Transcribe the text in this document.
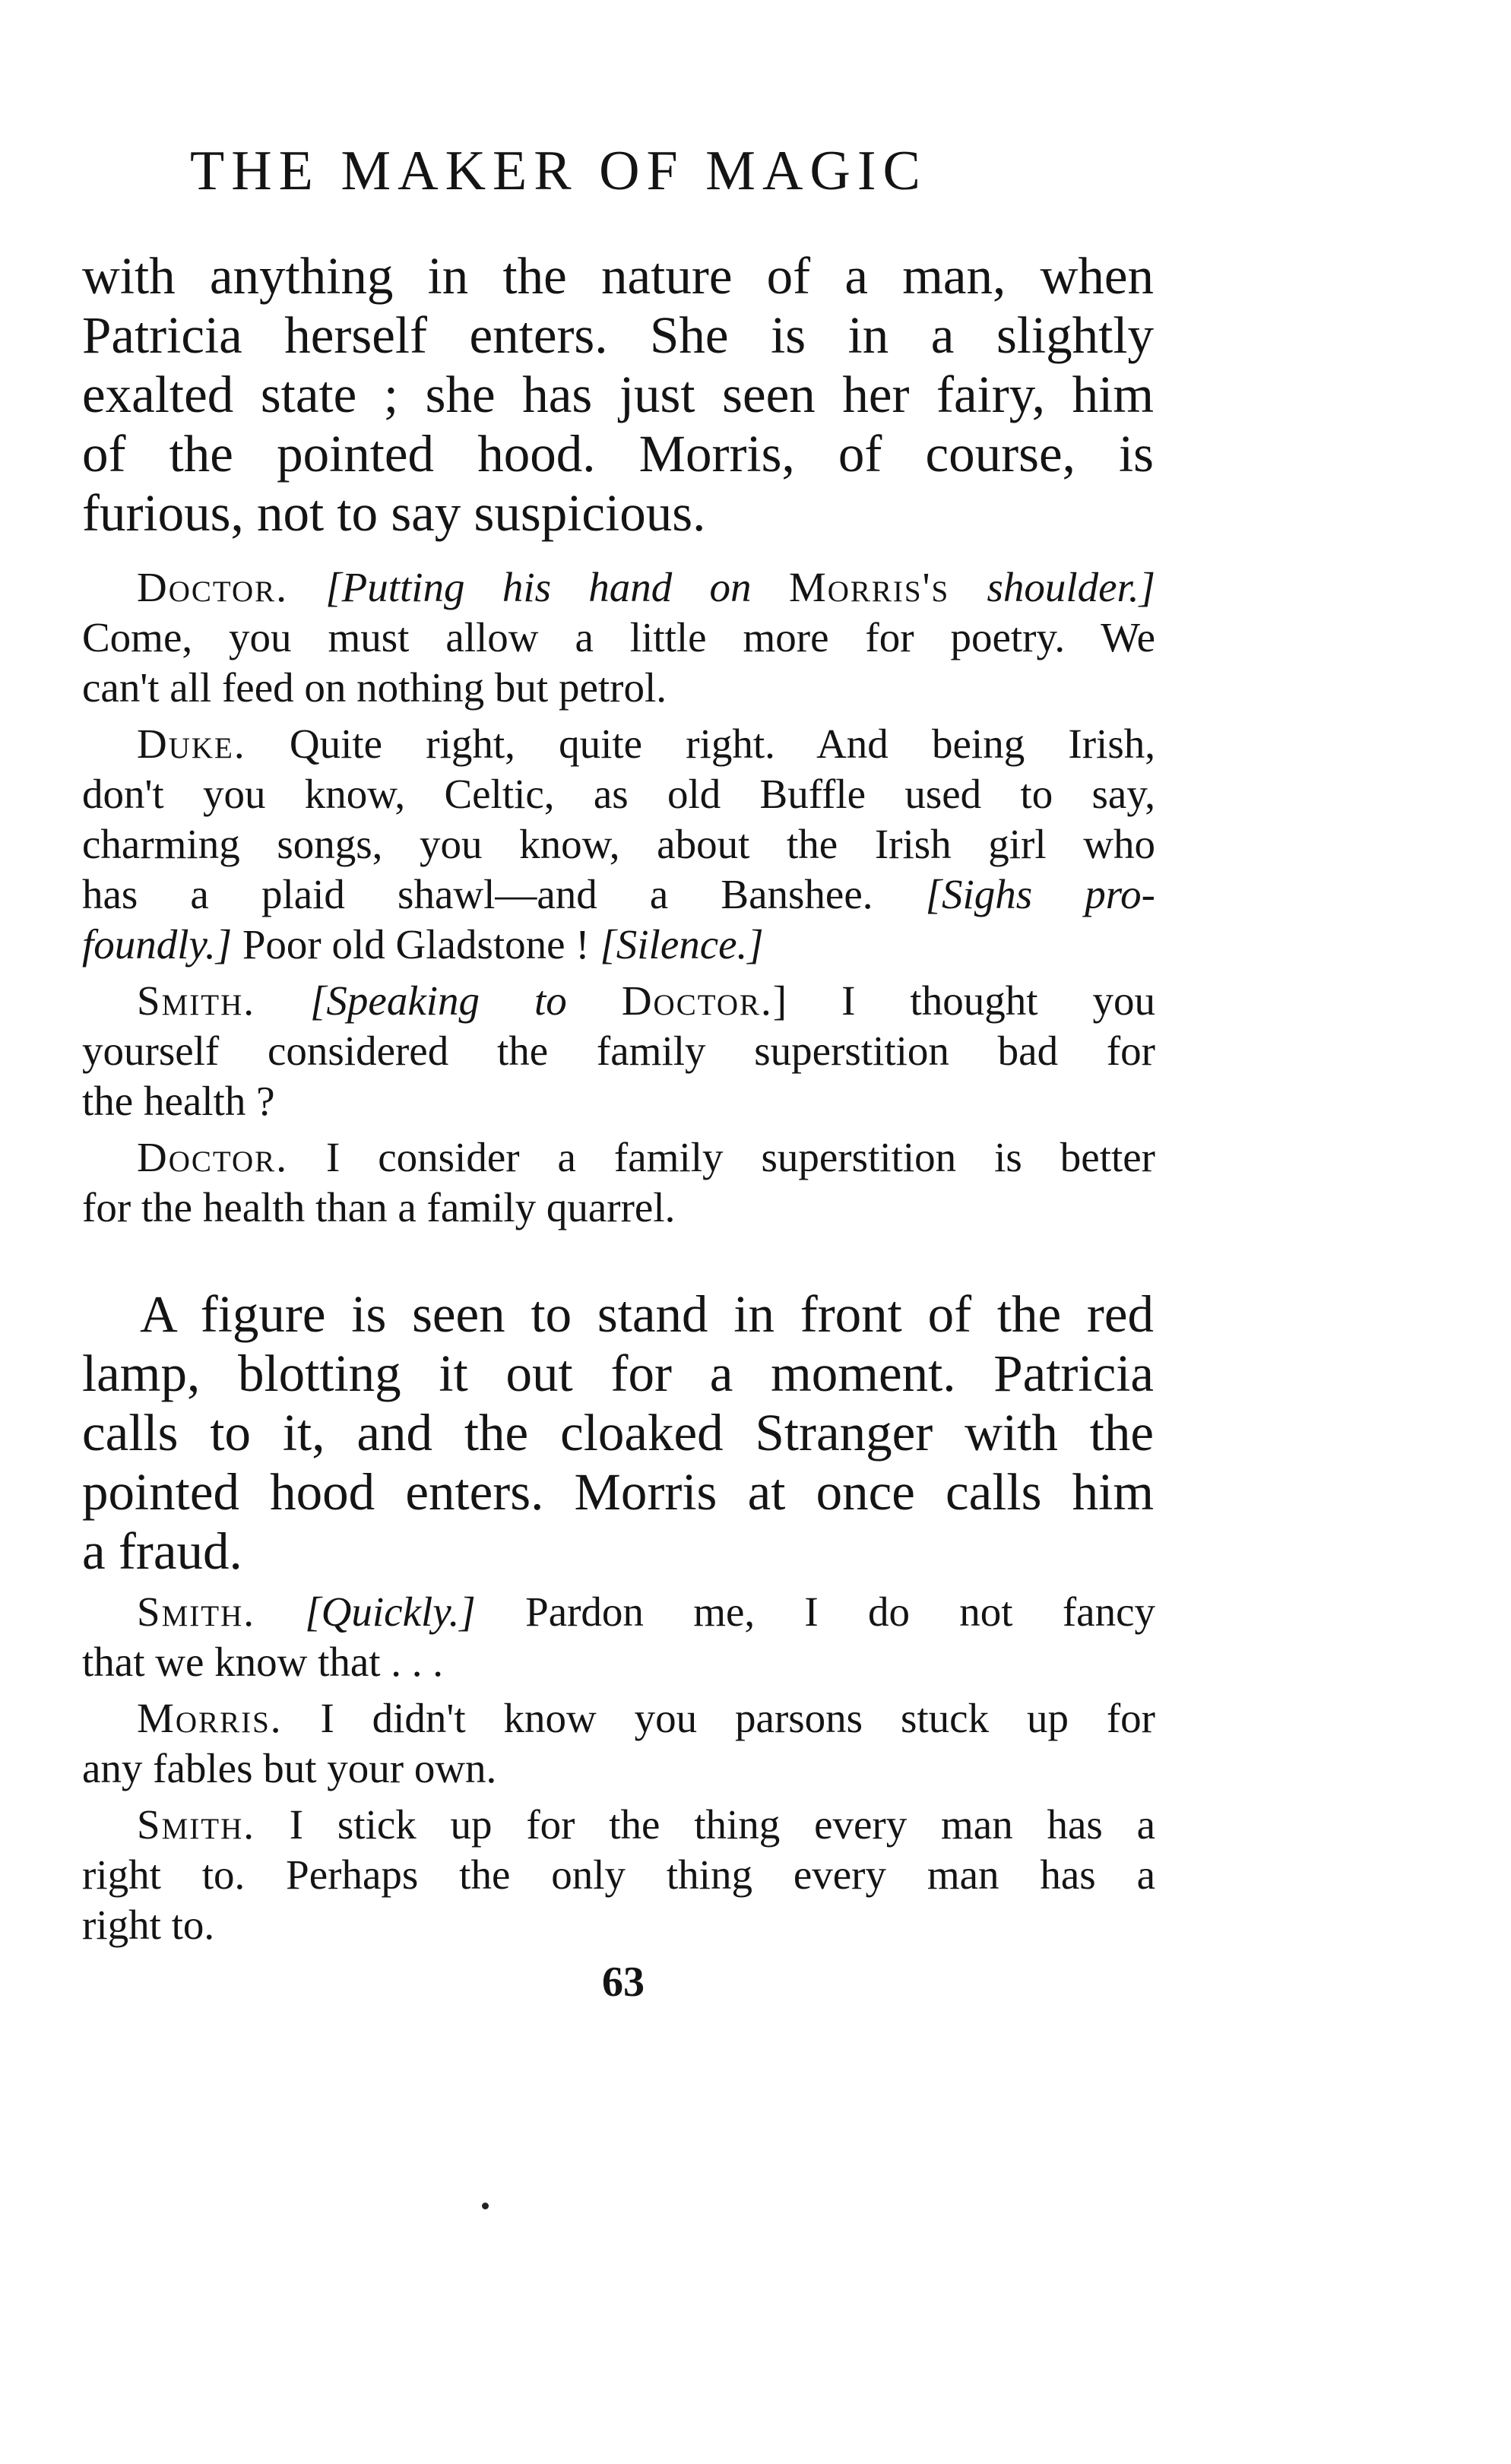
THE MAKER OF MAGIC
with anything in the nature of a man, when
Patricia herself enters. She is in a slightly
exalted state ; she has just seen her fairy, him
of the pointed hood. Morris, of course, is
furious, not to say suspicious.
Doctor. [Putting his hand on Morris's shoulder.]
Come, you must allow a little more for poetry. We
can't all feed on nothing but petrol.
Duke. Quite right, quite right. And being Irish,
don't you know, Celtic, as old Buffle used to say,
charming songs, you know, about the Irish girl who
has a plaid shawl—and a Banshee. [Sighs pro-
foundly.] Poor old Gladstone ! [Silence.]
Smith. [Speaking to Doctor.] I thought you
yourself considered the family superstition bad for
the health ?
Doctor. I consider a family superstition is better
for the health than a family quarrel.
A figure is seen to stand in front of the red
lamp, blotting it out for a moment. Patricia
calls to it, and the cloaked Stranger with the
pointed hood enters. Morris at once calls him
a fraud.
Smith. [Quickly.] Pardon me, I do not fancy
that we know that . . .
Morris. I didn't know you parsons stuck up for
any fables but your own.
Smith. I stick up for the thing every man has a
right to. Perhaps the only thing every man has a
right to.
63
